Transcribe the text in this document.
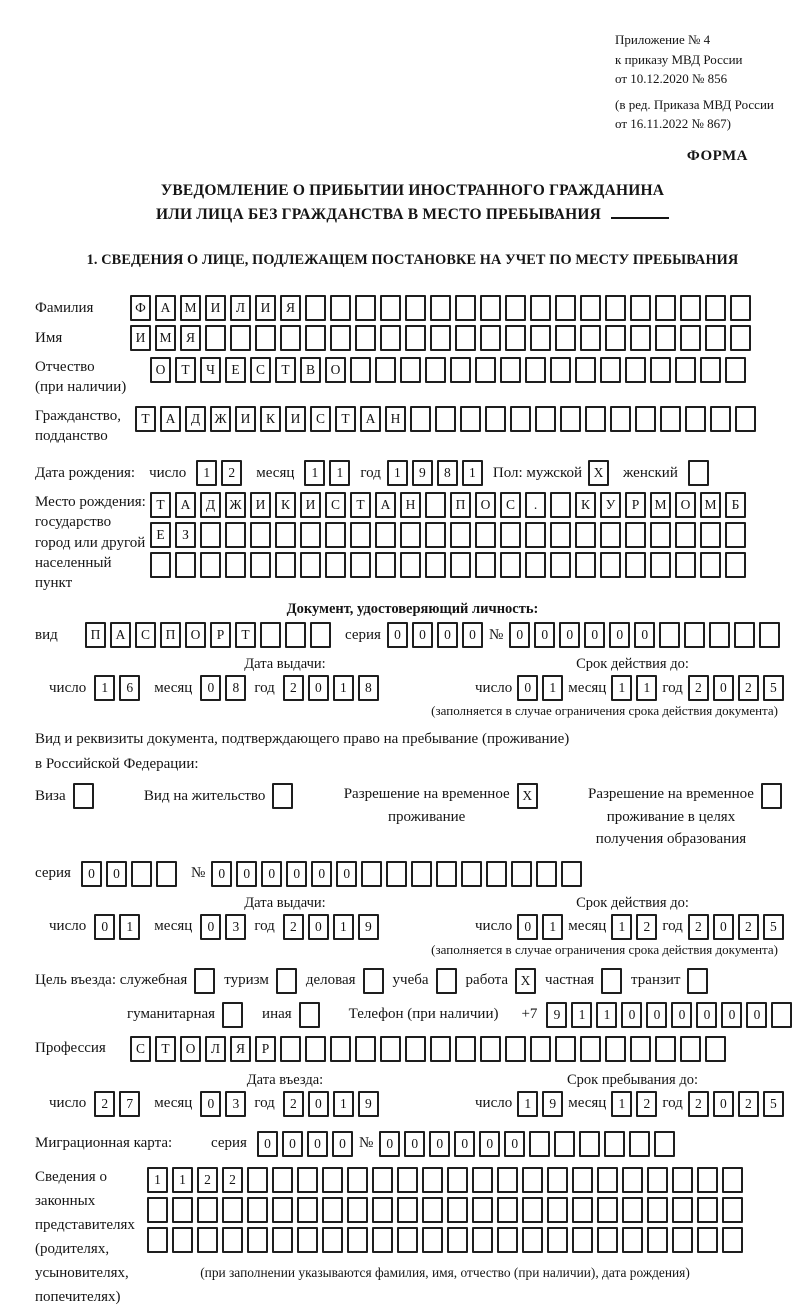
Приложение № 4
к приказу МВД России
от 10.12.2020 № 856
(в ред. Приказа МВД России
от 16.11.2022 № 867)
ФОРМА
УВЕДОМЛЕНИЕ О ПРИБЫТИИ ИНОСТРАННОГО ГРАЖДАНИНА
ИЛИ ЛИЦА БЕЗ ГРАЖДАНСТВА В МЕСТО ПРЕБЫВАНИЯ
1. СВЕДЕНИЯ О ЛИЦЕ, ПОДЛЕЖАЩЕМ ПОСТАНОВКЕ НА УЧЕТ ПО МЕСТУ ПРЕБЫВАНИЯ
Фамилия	Ф	А	М	И	Л	И	Я
Имя	И	М	Я
Отчество
(при наличии)
О	Т	Ч	Е	С	Т	В	О
Гражданство,
подданство
Т	А	Д	Ж	И	К	И	С	Т	А	Н
Дата рождения: число	1	2	месяц	1	1	год 1	9	8	1	Пол: мужской X	женский
Место рождения:
государство
город или другой
населенный пункт
Т	А	Д	Ж	И	К	И	С	Т	А	Н	П	О	С	.	К	У	Р	М	О	М	Б
Е	З
Документ, удостоверяющий личность:
вид	П	А	С	П	О	Р	Т	серия 0	0	0	0 № 0	0	0	0	0	0
Дата выдачи:	Срок действия до:
число	1	6	месяц	0	8	год	2	0	1	8	число 0	1 месяц 1	1 год 2	0	2	5
(заполняется в случае ограничения срока действия документа)
Вид и реквизиты документа, подтверждающего право на пребывание (проживание)
в Российской Федерации:
Виза	Вид на жительство	Разрешение на временное
проживание
X	Разрешение на временное
проживание в целях
получения образования
серия	0	0	№ 0	0	0	0	0	0
Дата выдачи:	Срок действия до:
число	0	1	месяц	0	3	год	2	0	1	9	число 0	1 месяц 1	2 год 2	0	2	5
(заполняется в случае ограничения срока действия документа)
Цель въезда: служебная туризм деловая учеба работа X частная транзит
гуманитарная	иная	Телефон (при наличии) +7	9	1	1	0	0	0	0	0	0
Профессия	С	Т	О	Л	Я	Р
Дата въезда:	Срок пребывания до:
число	2	7	месяц	0	3	год	2	0	1	9	число 1	9 месяц 1	2 год 2	0	2	5
Миграционная карта:	серия	0	0	0	0 № 0	0	0	0	0	0
Сведения о
законных
представителях
(родителях,
усыновителях,
попечителях)
1	1	2	2
(при заполнении указываются фамилия, имя, отчество (при наличии), дата рождения)
